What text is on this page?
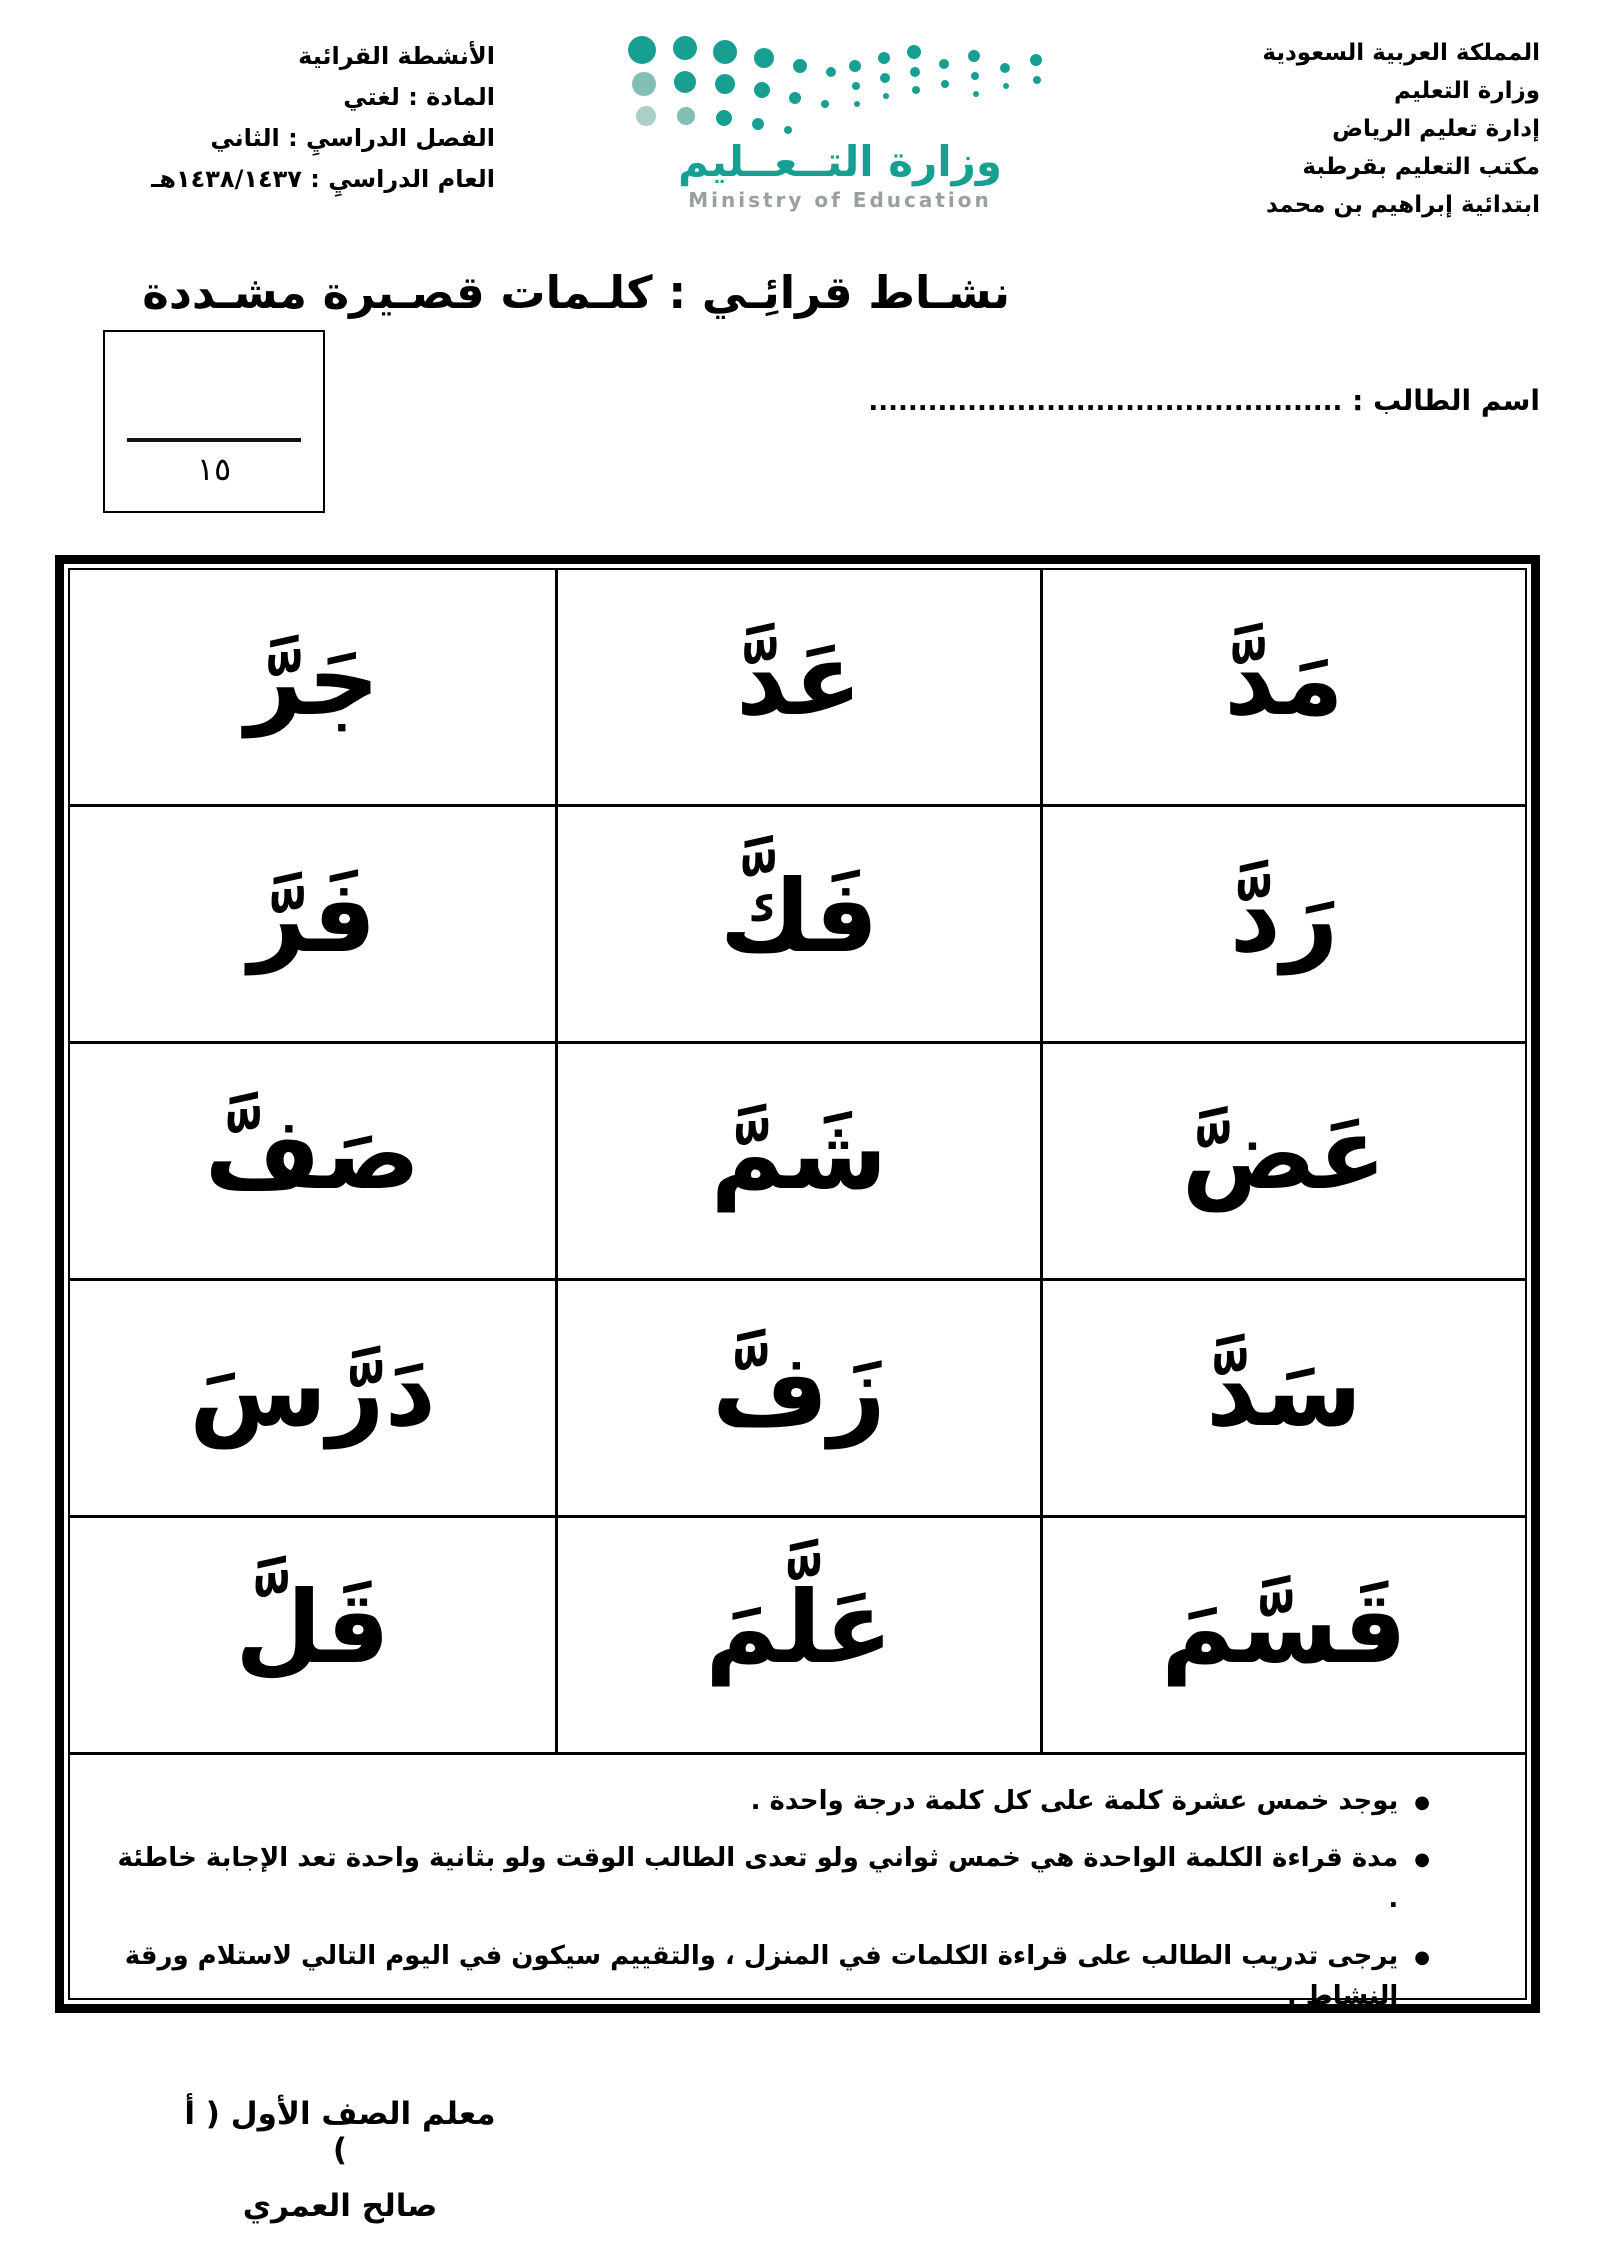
الأنشطة القرائية
المادة : لغتي
الفصل الدراسيِ : الثاني
العام الدراسيِ : ١٤٣٨/١٤٣٧هـ	وزارة التــعــليم
Ministry of Education
المملكة العربية السعودية
وزارة التعليم
إدارة تعليم الرياض
مكتب التعليم بقرطبة
ابتدائية إبراهيم بن محمد
نشـاط قرائِـي : كلـمات قصـيرة مشـددة
اسم الطالب : ................................................
١٥
مَدَّ
عَدَّ
جَرَّ
رَدَّ
فَكَّ
فَرَّ
عَضَّ
شَمَّ
صَفَّ
سَدَّ
زَفَّ
دَرَّسَ
قَسَّمَ
عَلَّمَ
قَلَّ
●
يوجد خمس عشرة كلمة على كل كلمة درجة واحدة .
●
مدة قراءة الكلمة الواحدة هي خمس ثواني ولو تعدى الطالب الوقت ولو بثانية واحدة تعد الإجابة خاطئة .
●
يرجى تدريب الطالب على قراءة الكلمات في المنزل ، والتقييم سيكون في اليوم التالي لاستلام ورقة النشاط .
معلم الصف الأول ( أ )
صالح العمري
